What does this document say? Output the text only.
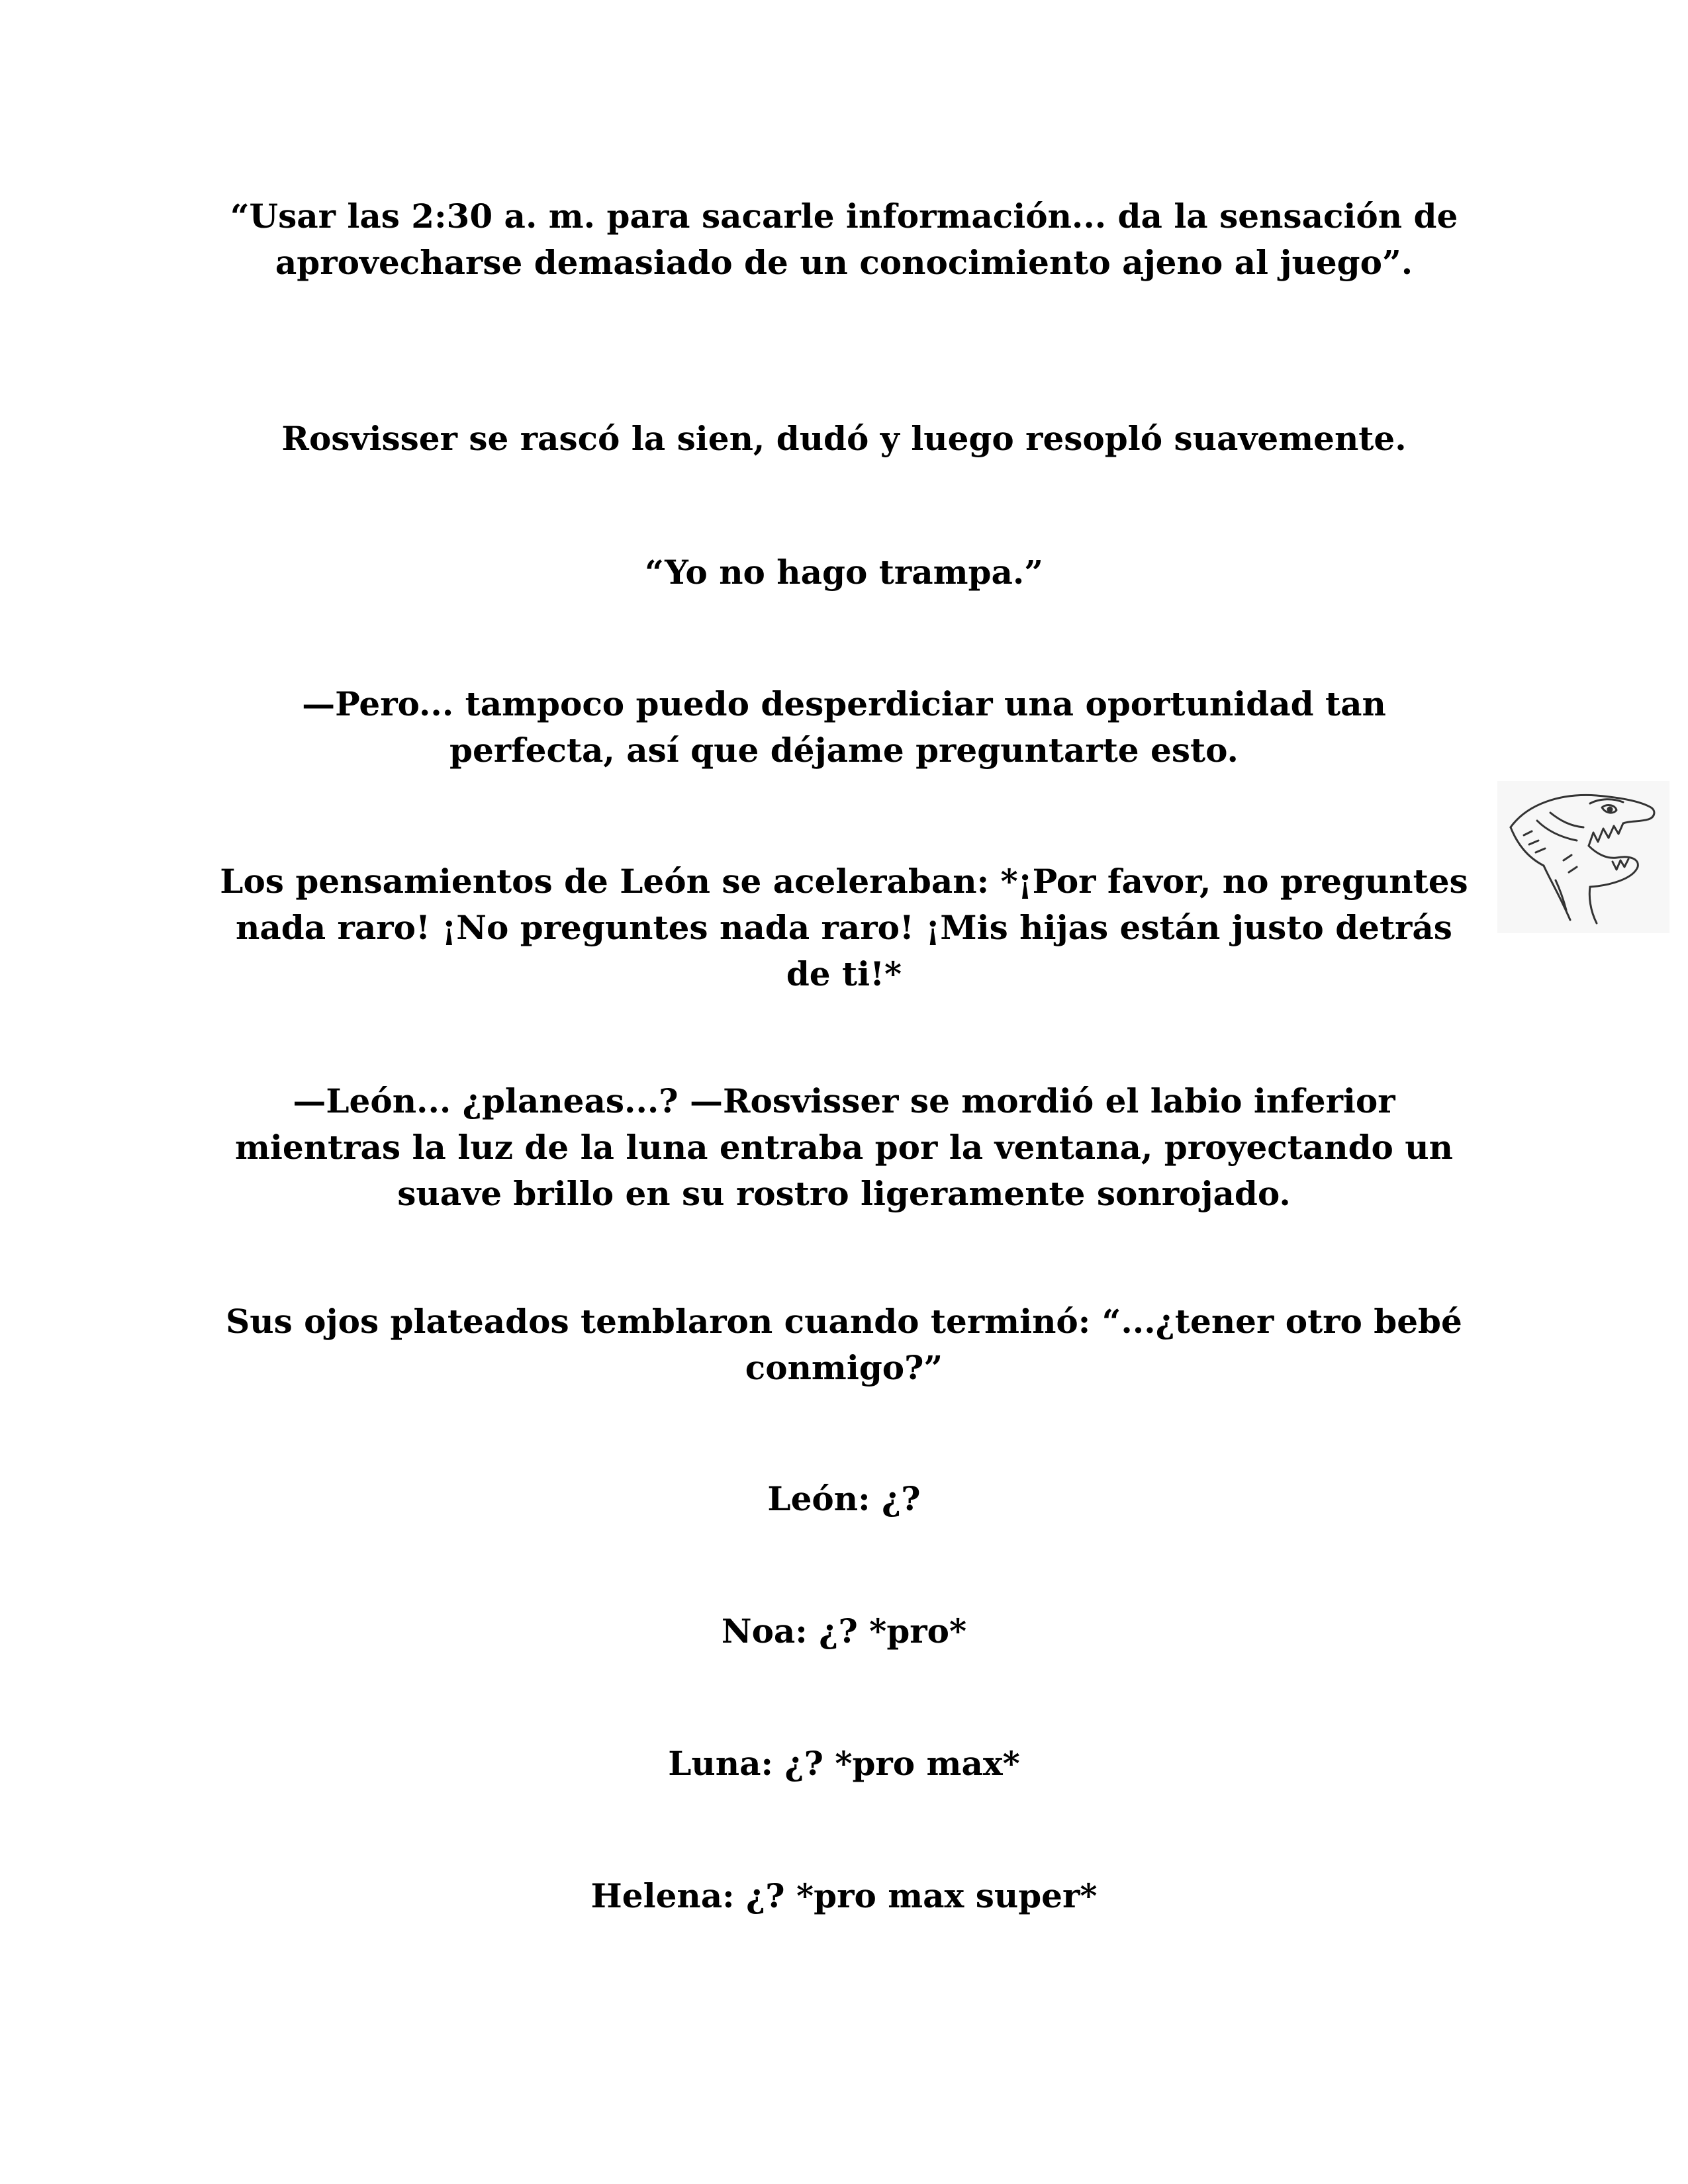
“Usar las 2:30 a. m. para sacarle información... da la sensación de aprovecharse demasiado de un conocimiento ajeno al juego”.

Rosvisser se rascó la sien, dudó y luego resopló suavemente.

“Yo no hago trampa.”

—Pero... tampoco puedo desperdiciar una oportunidad tan perfecta, así que déjame preguntarte esto.

Los pensamientos de León se aceleraban: *¡Por favor, no preguntes nada raro! ¡No preguntes nada raro! ¡Mis hijas están justo detrás de ti!*

—León... ¿planeas...? —Rosvisser se mordió el labio inferior mientras la luz de la luna entraba por la ventana, proyectando un suave brillo en su rostro ligeramente sonrojado.

Sus ojos plateados temblaron cuando terminó: “...¿tener otro bebé conmigo?”

León: ¿?

Noa: ¿? *pro*

Luna: ¿? *pro max*

Helena: ¿? *pro max super*
